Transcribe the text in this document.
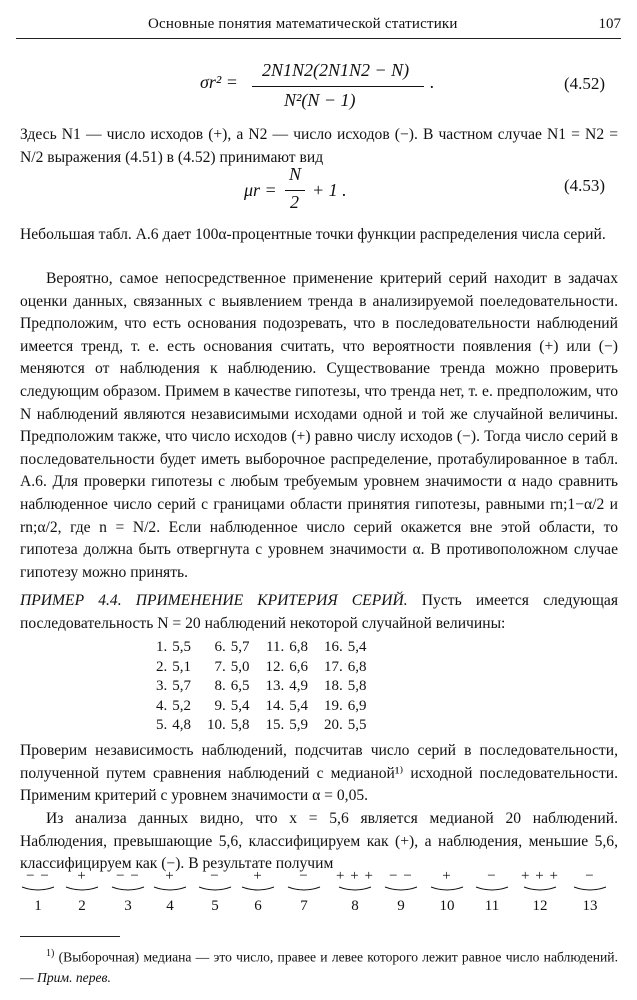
Основные понятия математической статистики	107
σr² =
2N1N2(2N1N2 − N)
N²(N − 1)
.	(4.52)
Здесь N1 — число исходов (+), а N2 — число исходов (−). В частном случае N1 = N2 = N/2 выражения (4.51) в (4.52) принимают вид
μr =
N
2
+ 1 .	(4.53)
Небольшая табл. А.6 дает 100α-процентные точки функции распределения числа серий.
Вероятно, самое непосредственное применение критерий серий находит в задачах оценки данных, связанных с выявлением тренда в анализируемой поеледовательности. Предположим, что есть основания подозревать, что в последовательности наблюдений имеется тренд, т. е. есть основания считать, что вероятности появления (+) или (−) меняются от наблюдения к наблюдению. Существование тренда можно проверить следующим образом. Примем в качестве гипотезы, что тренда нет, т. е. предположим, что N наблюдений являются независимыми исходами одной и той же случайной величины. Предположим также, что число исходов (+) равно числу исходов (−). Тогда число серий в последовательности будет иметь выборочное распределение, протабулированное в табл. А.6. Для проверки гипотезы с любым требуемым уровнем значимости α надо сравнить наблюденное число серий с границами области принятия гипотезы, равными rn;1−α/2 и rn;α/2, где n = N/2. Если наблюденное число серий окажется вне этой области, то гипотеза должна быть отвергнута с уровнем значимости α. В противоположном случае гипотезу можно принять.
ПРИМЕР 4.4. ПРИМЕНЕНИЕ КРИТЕРИЯ СЕРИЙ. Пусть имеется следующая последовательность N = 20 наблюдений некоторой случайной величины:
1.	5,5	6.	5,7	11.	6,8	16.	5,4
2.	5,1	7.	5,0	12.	6,6	17.	6,8
3.	5,7	8.	6,5	13.	4,9	18.	5,8
4.	5,2	9.	5,4	14.	5,4	19.	6,9
5.	4,8	10.	5,8	15.	5,9	20.	5,5
Проверим независимость наблюдений, подсчитав число серий в последовательности, полученной путем сравнения наблюдений с медианой¹⁾ исходной последовательности. Применим критерий с уровнем значимости α = 0,05.
Из анализа данных видно, что x = 5,6 является медианой 20 наблюдений. Наблюдения, превышающие 5,6, классифицируем как (+), а наблюдения, меньшие 5,6, классифицируем как (−). В результате получим
− −
1
+
2
− −
3
+
4
−
5
+
6
−
7
+ + +
8
− −
9
+
10
−
11
+ + +
12
−
13
$^{1)}$ (Выборочная) медиана — это число, правее и левее которого лежит равное число наблюдений.— Прим. перев.
